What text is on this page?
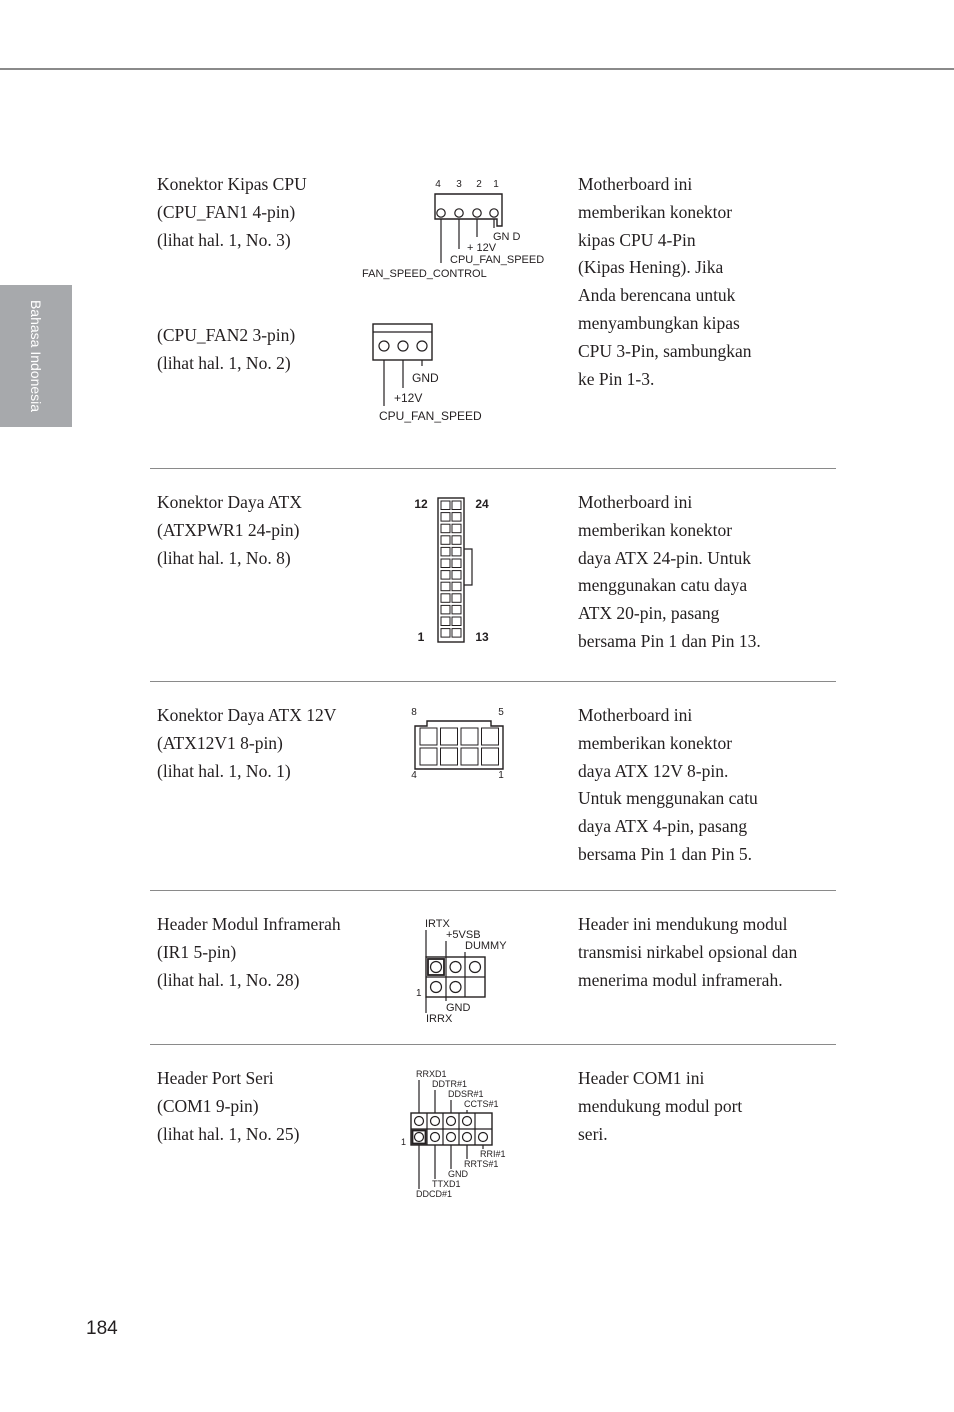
Bahasa Indonesia
Konektor Kipas CPU
(CPU_FAN1 4-pin)
(lihat hal. 1, No. 3)
(CPU_FAN2 3-pin)
(lihat hal. 1, No. 2)
Motherboard ini
memberikan konektor
kipas CPU 4-Pin
(Kipas Hening). Jika
Anda berencana untuk
menyambungkan kipas
CPU 3-Pin, sambungkan
ke Pin 1-3.
4 3 2 1
GN D
+ 12V
CPU_FAN_SPEED
FAN_SPEED_CONTROL
GND
+12V
CPU_FAN_SPEED
Konektor Daya ATX
(ATXPWR1 24-pin)
(lihat hal. 1, No. 8)
Motherboard ini
memberikan konektor
daya ATX 24-pin. Untuk
menggunakan catu daya
ATX 20-pin, pasang
bersama Pin 1 dan Pin 13.
12	24
1	13
Konektor Daya ATX 12V
(ATX12V1 8-pin)
(lihat hal. 1, No. 1)
Motherboard ini
memberikan konektor
daya ATX 12V 8-pin.
Untuk menggunakan catu
daya ATX 4-pin, pasang
bersama Pin 1 dan Pin 5.
8	5
4	1
Header Modul Inframerah
(IR1 5-pin)
(lihat hal. 1, No. 28)
Header ini mendukung modul
transmisi nirkabel opsional dan
menerima modul inframerah.
IRTX
+5VSB
DUMMY
1
GND
IRRX
Header Port Seri
(COM1 9-pin)
(lihat hal. 1, No. 25)
Header COM1 ini
mendukung modul port
seri.
RRXD1
DDTR#1
DDSR#1
CCTS#1
1
RRI#1
RRTS#1
GND
TTXD1
DDCD#1
184
